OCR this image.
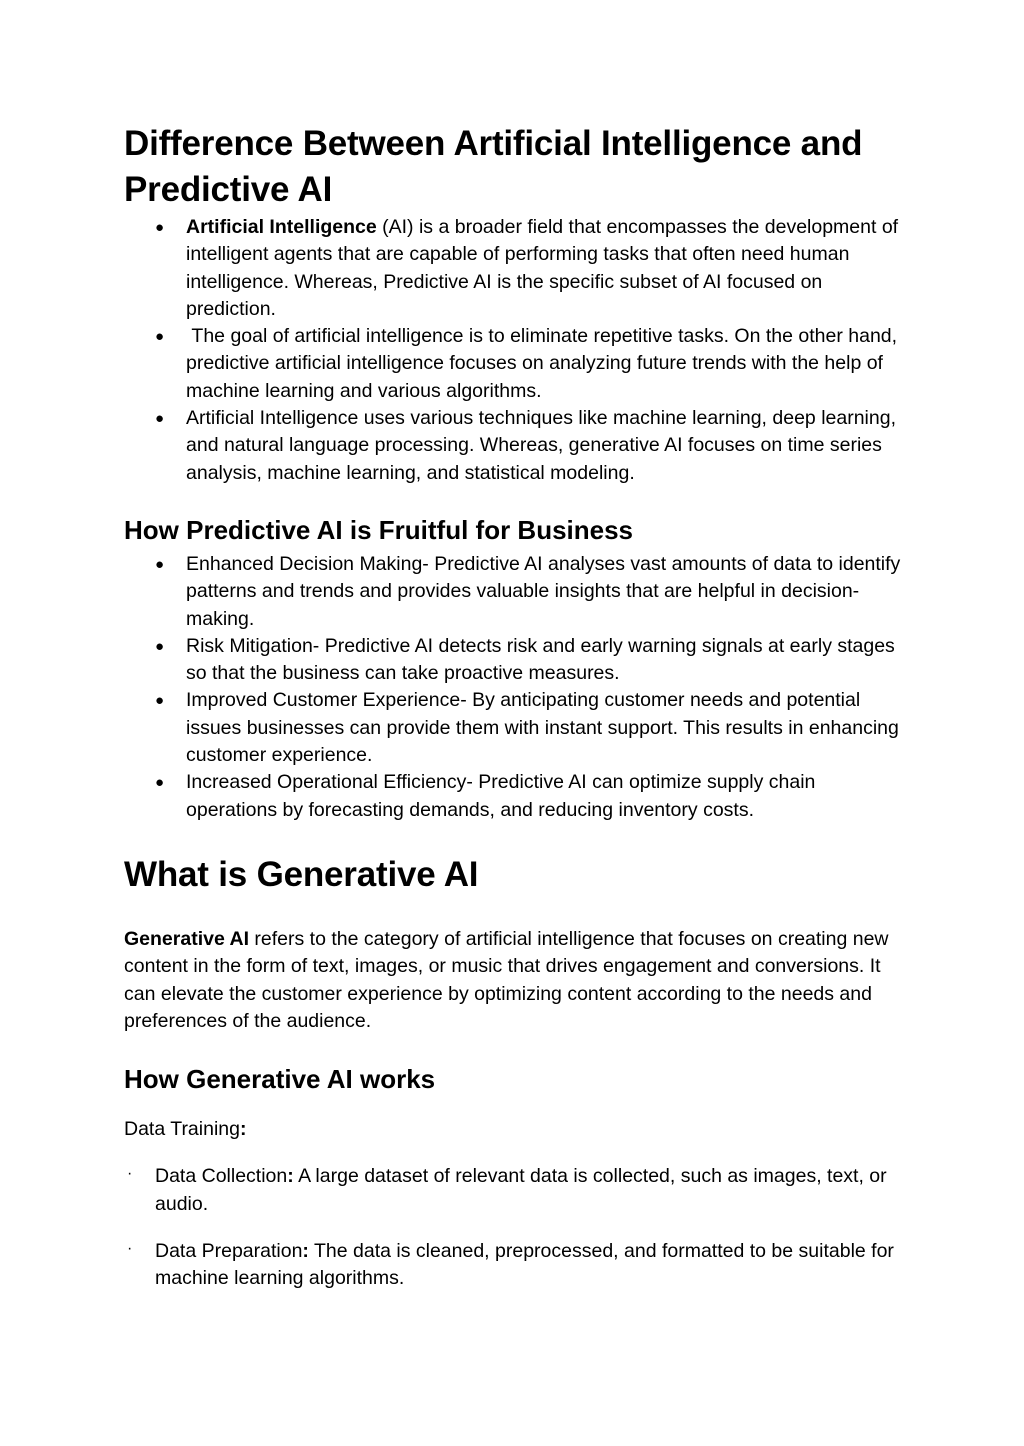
Difference Between Artificial Intelligence and
Predictive AI
● Artificial Intelligence (AI) is a broader field that encompasses the development of intelligent agents that are capable of performing tasks that often need human intelligence. Whereas, Predictive AI is the specific subset of AI focused on prediction.
● The goal of artificial intelligence is to eliminate repetitive tasks. On the other hand, predictive artificial intelligence focuses on analyzing future trends with the help of machine learning and various algorithms.
● Artificial Intelligence uses various techniques like machine learning, deep learning, and natural language processing. Whereas, generative AI focuses on time series analysis, machine learning, and statistical modeling.
How Predictive AI is Fruitful for Business
● Enhanced Decision Making- Predictive AI analyses vast amounts of data to identify patterns and trends and provides valuable insights that are helpful in decision-making.
● Risk Mitigation- Predictive AI detects risk and early warning signals at early stages so that the business can take proactive measures.
● Improved Customer Experience- By anticipating customer needs and potential issues businesses can provide them with instant support. This results in enhancing customer experience.
● Increased Operational Efficiency- Predictive AI can optimize supply chain operations by forecasting demands, and reducing inventory costs.
What is Generative AI

Generative AI refers to the category of artificial intelligence that focuses on creating new content in the form of text, images, or music that drives engagement and conversions. It can elevate the customer experience by optimizing content according to the needs and preferences of the audience.

How Generative AI works

Data Training:

· Data Collection: A large dataset of relevant data is collected, such as images, text, or audio.
· Data Preparation: The data is cleaned, preprocessed, and formatted to be suitable for machine learning algorithms.
